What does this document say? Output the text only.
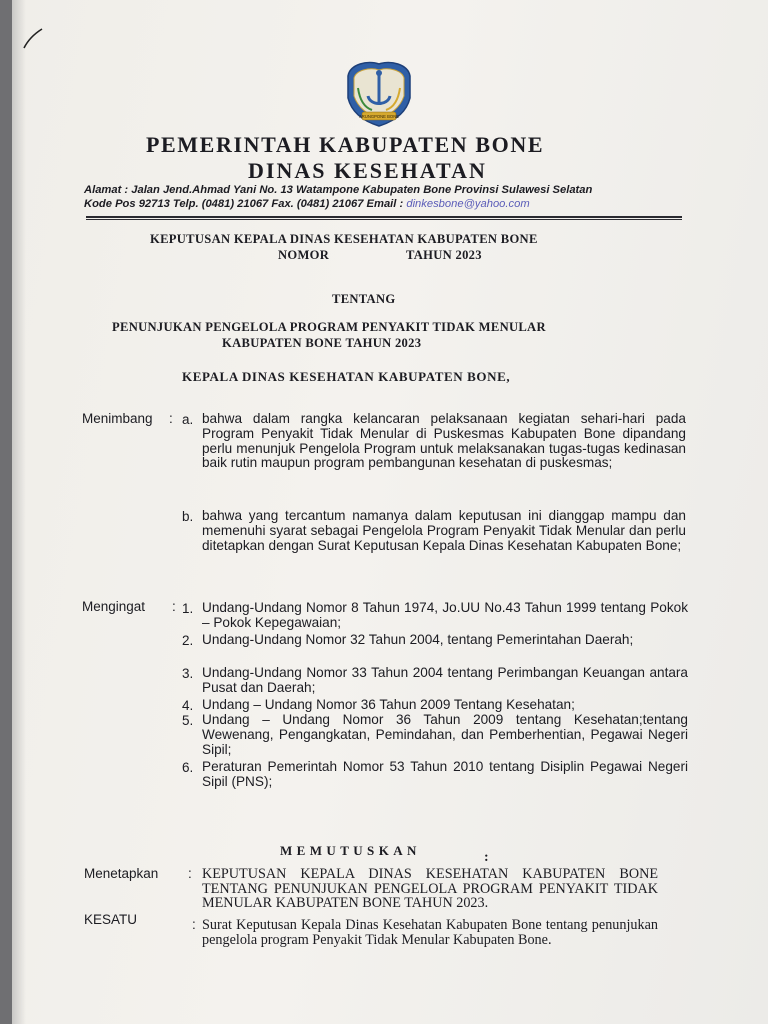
ARUNGPONE BONE
PEMERINTAH KABUPATEN BONE
DINAS KESEHATAN
Alamat : Jalan Jend.Ahmad Yani No. 13 Watampone Kabupaten Bone Provinsi Sulawesi Selatan
Kode Pos 92713 Telp. (0481) 21067 Fax. (0481) 21067 Email : dinkesbone@yahoo.com
KEPUTUSAN KEPALA DINAS KESEHATAN KABUPATEN BONE
NOMOR	TAHUN 2023
TENTANG
PENUNJUKAN PENGELOLA PROGRAM PENYAKIT TIDAK MENULAR
KABUPATEN BONE TAHUN 2023
KEPALA DINAS KESEHATAN KABUPATEN BONE,
Menimbang : a. bahwa dalam rangka kelancaran pelaksanaan kegiatan sehari-hari pada Program Penyakit Tidak Menular di Puskesmas Kabupaten Bone dipandang perlu menunjuk Pengelola Program untuk melaksanakan tugas-tugas kedinasan baik rutin maupun program pembangunan kesehatan di puskesmas;
b. bahwa yang tercantum namanya dalam keputusan ini dianggap mampu dan memenuhi syarat sebagai Pengelola Program Penyakit Tidak Menular dan perlu ditetapkan dengan Surat Keputusan Kepala Dinas Kesehatan Kabupaten Bone;
Mengingat : 1. Undang-Undang Nomor 8 Tahun 1974, Jo.UU No.43 Tahun 1999 tentang Pokok – Pokok Kepegawaian;
2. Undang-Undang Nomor 32 Tahun 2004, tentang Pemerintahan Daerah;
3. Undang-Undang Nomor 33 Tahun 2004 tentang Perimbangan Keuangan antara Pusat dan Daerah;
4. Undang – Undang Nomor 36 Tahun 2009 Tentang Kesehatan;
5. Undang – Undang Nomor 36 Tahun 2009 tentang Kesehatan;tentang Wewenang, Pengangkatan, Pemindahan, dan Pemberhentian, Pegawai Negeri Sipil;
6. Peraturan Pemerintah Nomor 53 Tahun 2010 tentang Disiplin Pegawai Negeri Sipil (PNS);
MEMUTUSKAN	:
Menetapkan : KEPUTUSAN KEPALA DINAS KESEHATAN KABUPATEN BONE TENTANG PENUNJUKAN PENGELOLA PROGRAM PENYAKIT TIDAK MENULAR KABUPATEN BONE TAHUN 2023.
KESATU	: Surat Keputusan Kepala Dinas Kesehatan Kabupaten Bone tentang penunjukan pengelola program Penyakit Tidak Menular Kabupaten Bone.
